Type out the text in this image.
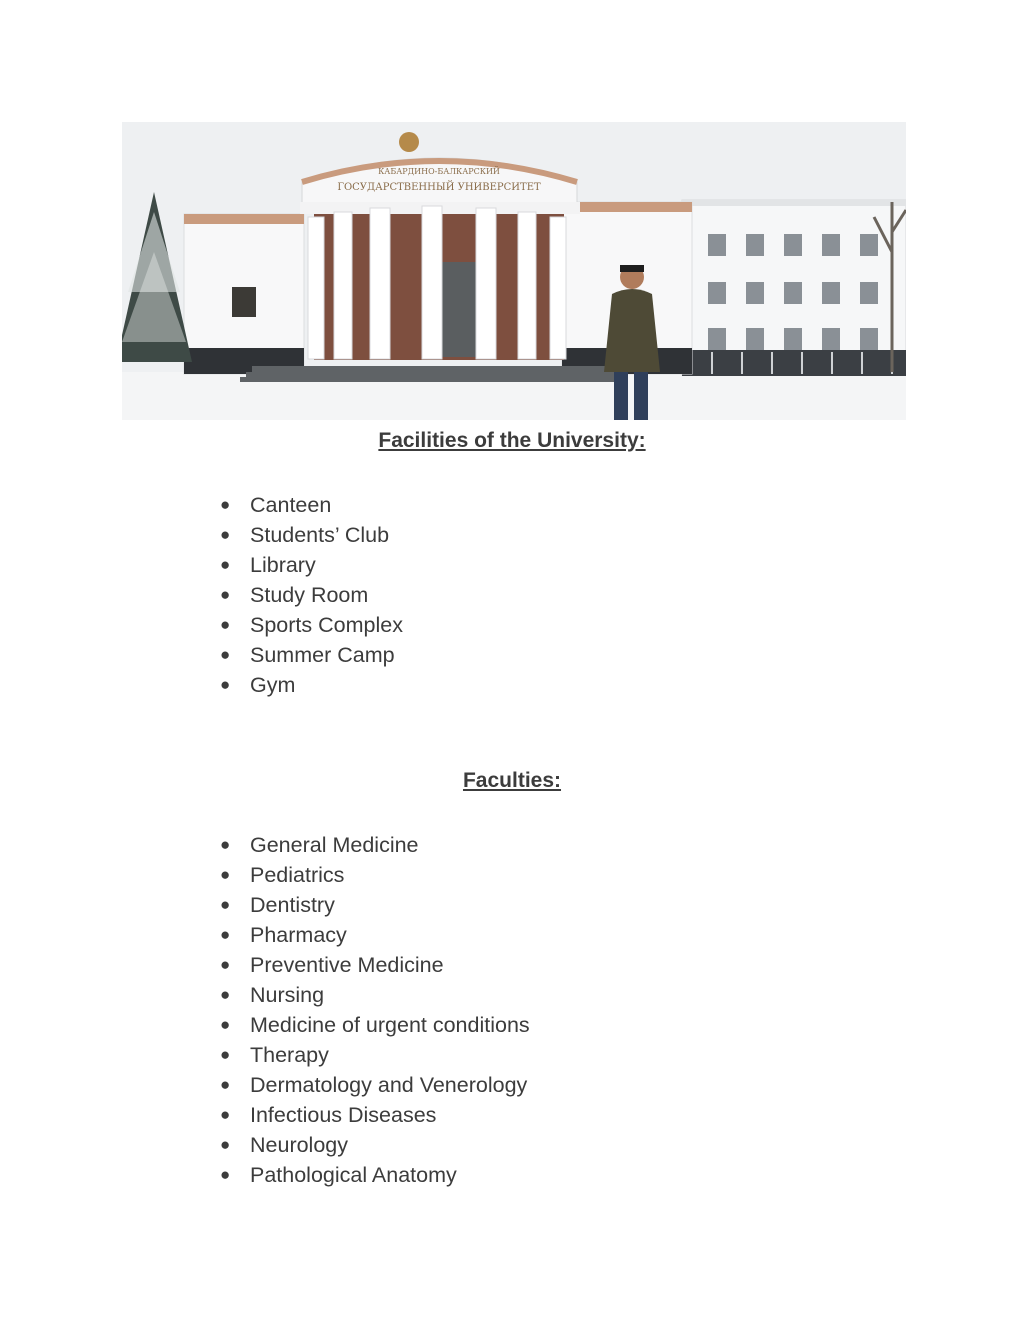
КАБАРДИНО-БАЛКАРСКИЙ
ГОСУДАРСТВЕННЫЙ УНИВЕРСИТЕТ
Facilities of the University:
● Canteen
● Students’ Club
● Library
● Study Room
● Sports Complex
● Summer Camp
● Gym
Faculties:
● General Medicine
● Pediatrics
● Dentistry
● Pharmacy
● Preventive Medicine
● Nursing
● Medicine of urgent conditions
● Therapy
● Dermatology and Venerology
● Infectious Diseases
● Neurology
● Pathological Anatomy
